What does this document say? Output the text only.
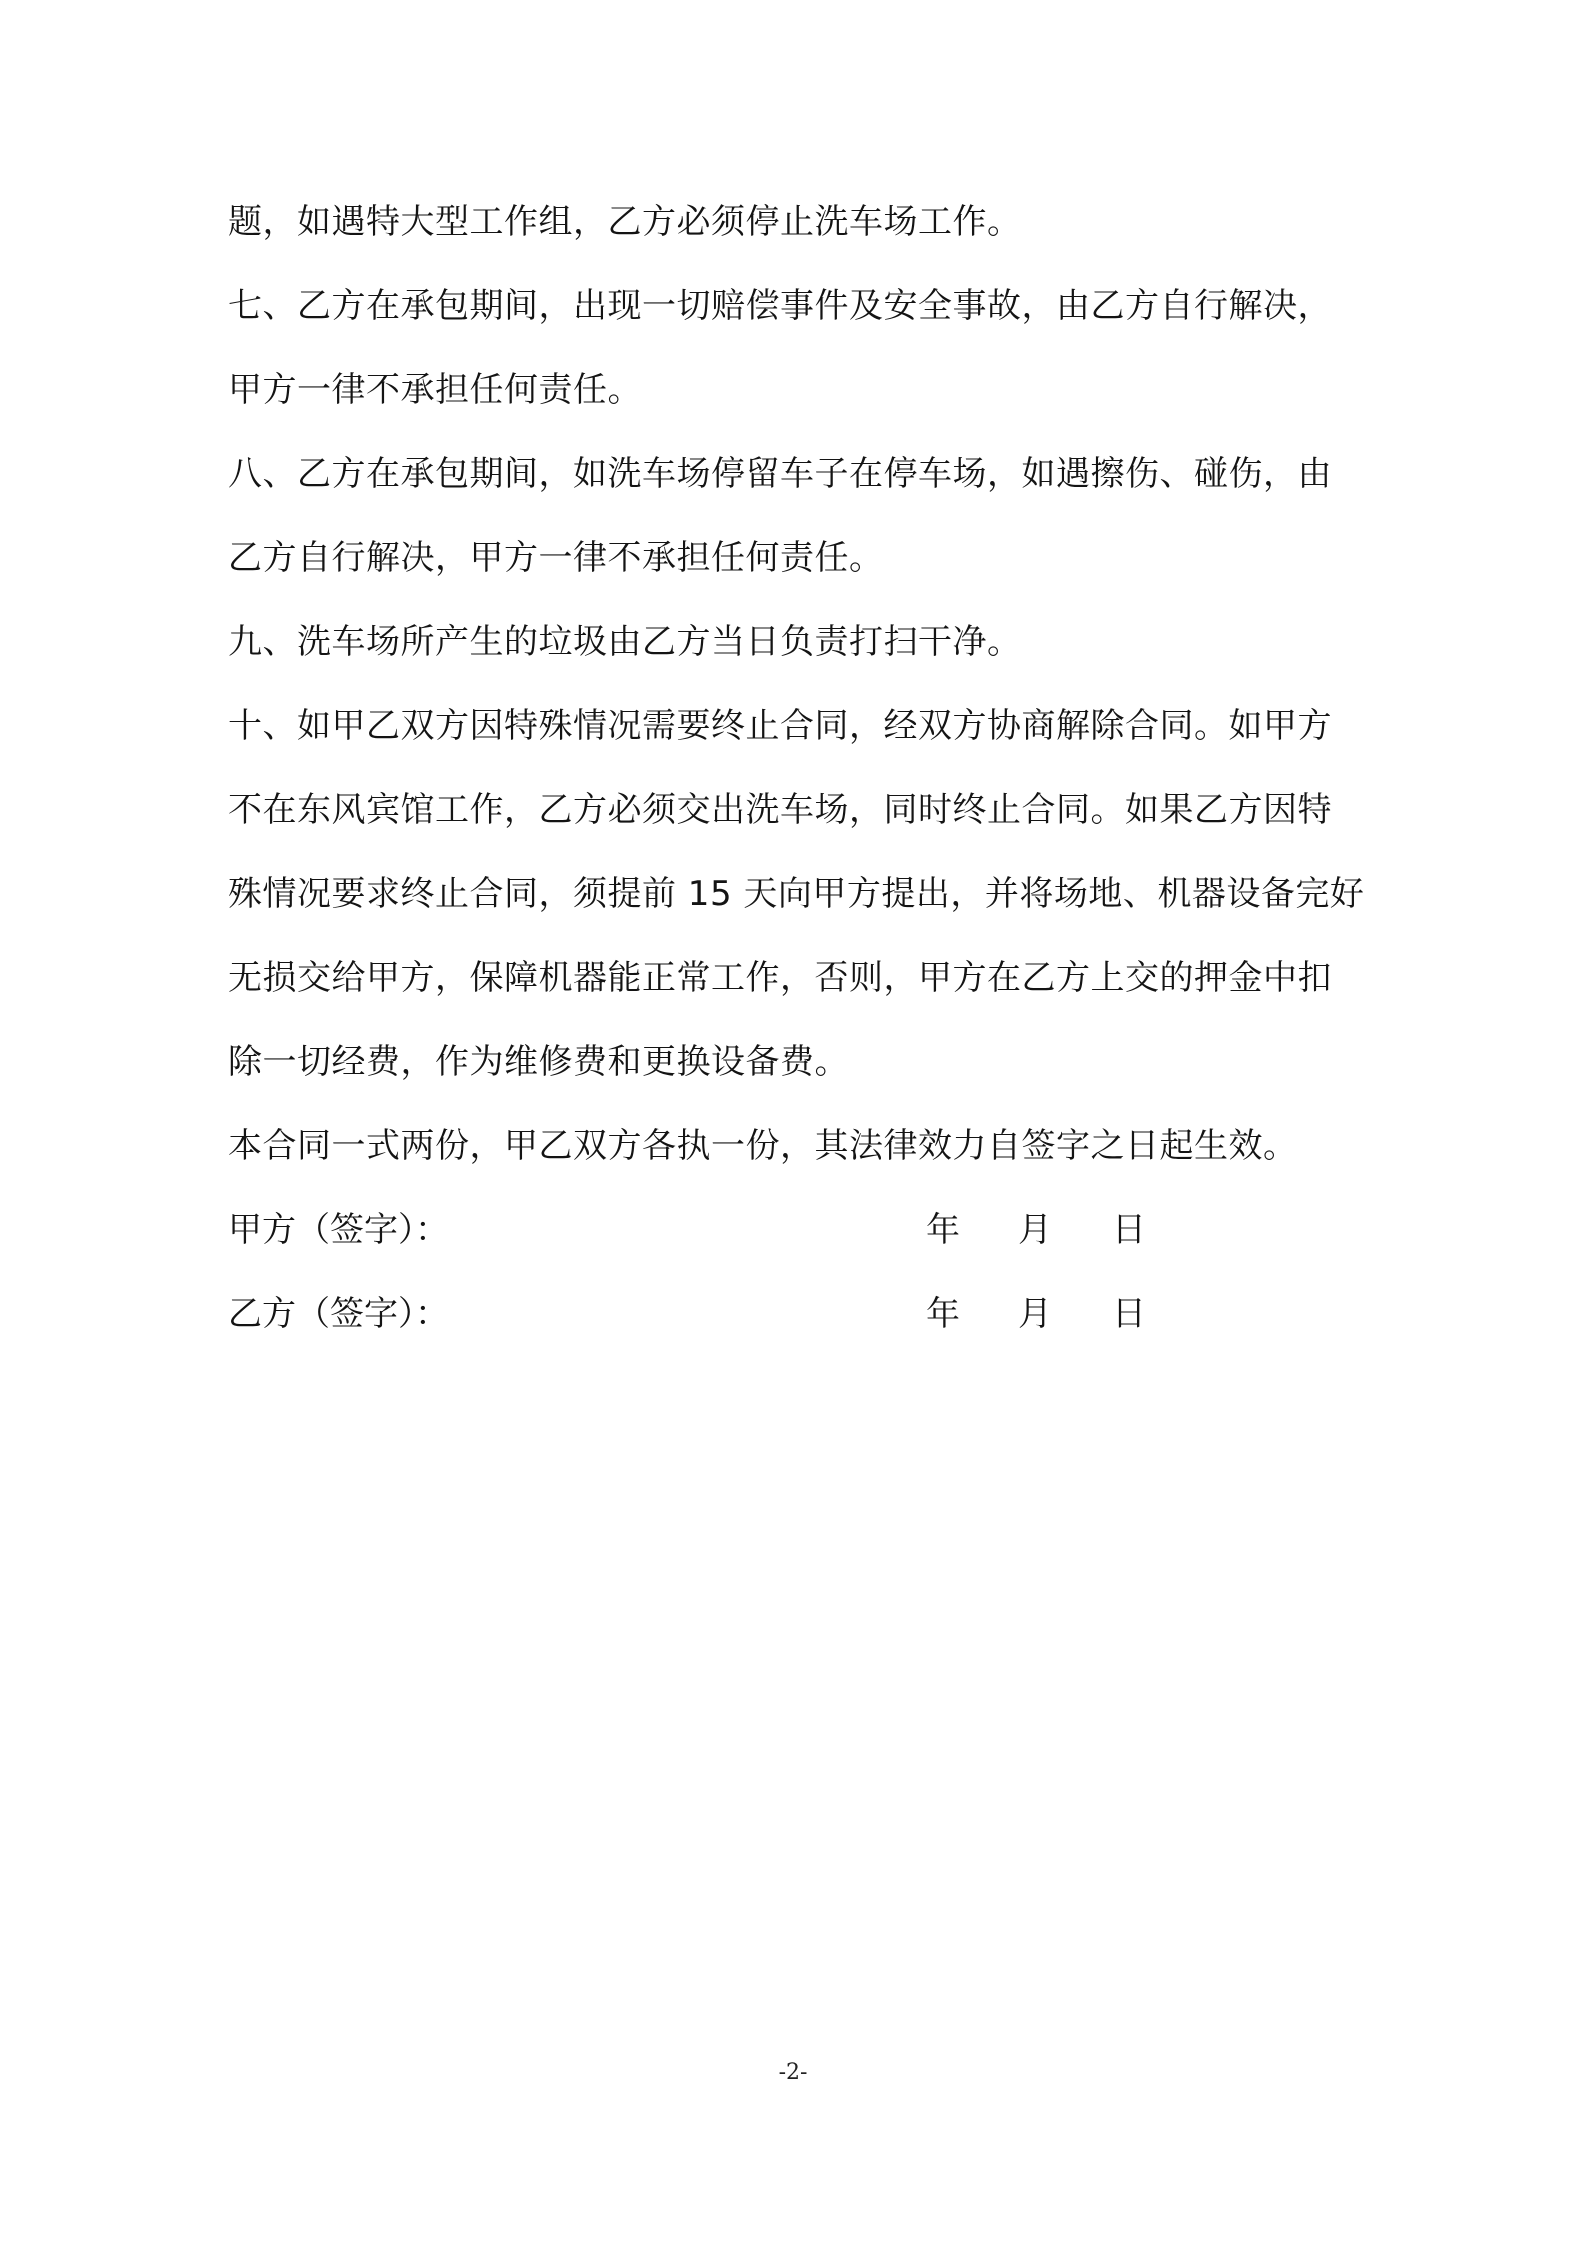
题，如遇特大型工作组，乙方必须停止洗车场工作。
七、乙方在承包期间，出现一切赔偿事件及安全事故，由乙方自行解决，
甲方一律不承担任何责任。
八、乙方在承包期间，如洗车场停留车子在停车场，如遇擦伤、碰伤，由
乙方自行解决，甲方一律不承担任何责任。
九、洗车场所产生的垃圾由乙方当日负责打扫干净。
十、如甲乙双方因特殊情况需要终止合同，经双方协商解除合同。如甲方
不在东风宾馆工作，乙方必须交出洗车场，同时终止合同。如果乙方因特
殊情况要求终止合同，须提前 15 天向甲方提出，并将场地、机器设备完好
无损交给甲方，保障机器能正常工作，否则，甲方在乙方上交的押金中扣
除一切经费，作为维修费和更换设备费。
本合同一式两份，甲乙双方各执一份，其法律效力自签字之日起生效。
甲方（签字）：	年 月 日
乙方（签字）：	年 月 日
-2-
